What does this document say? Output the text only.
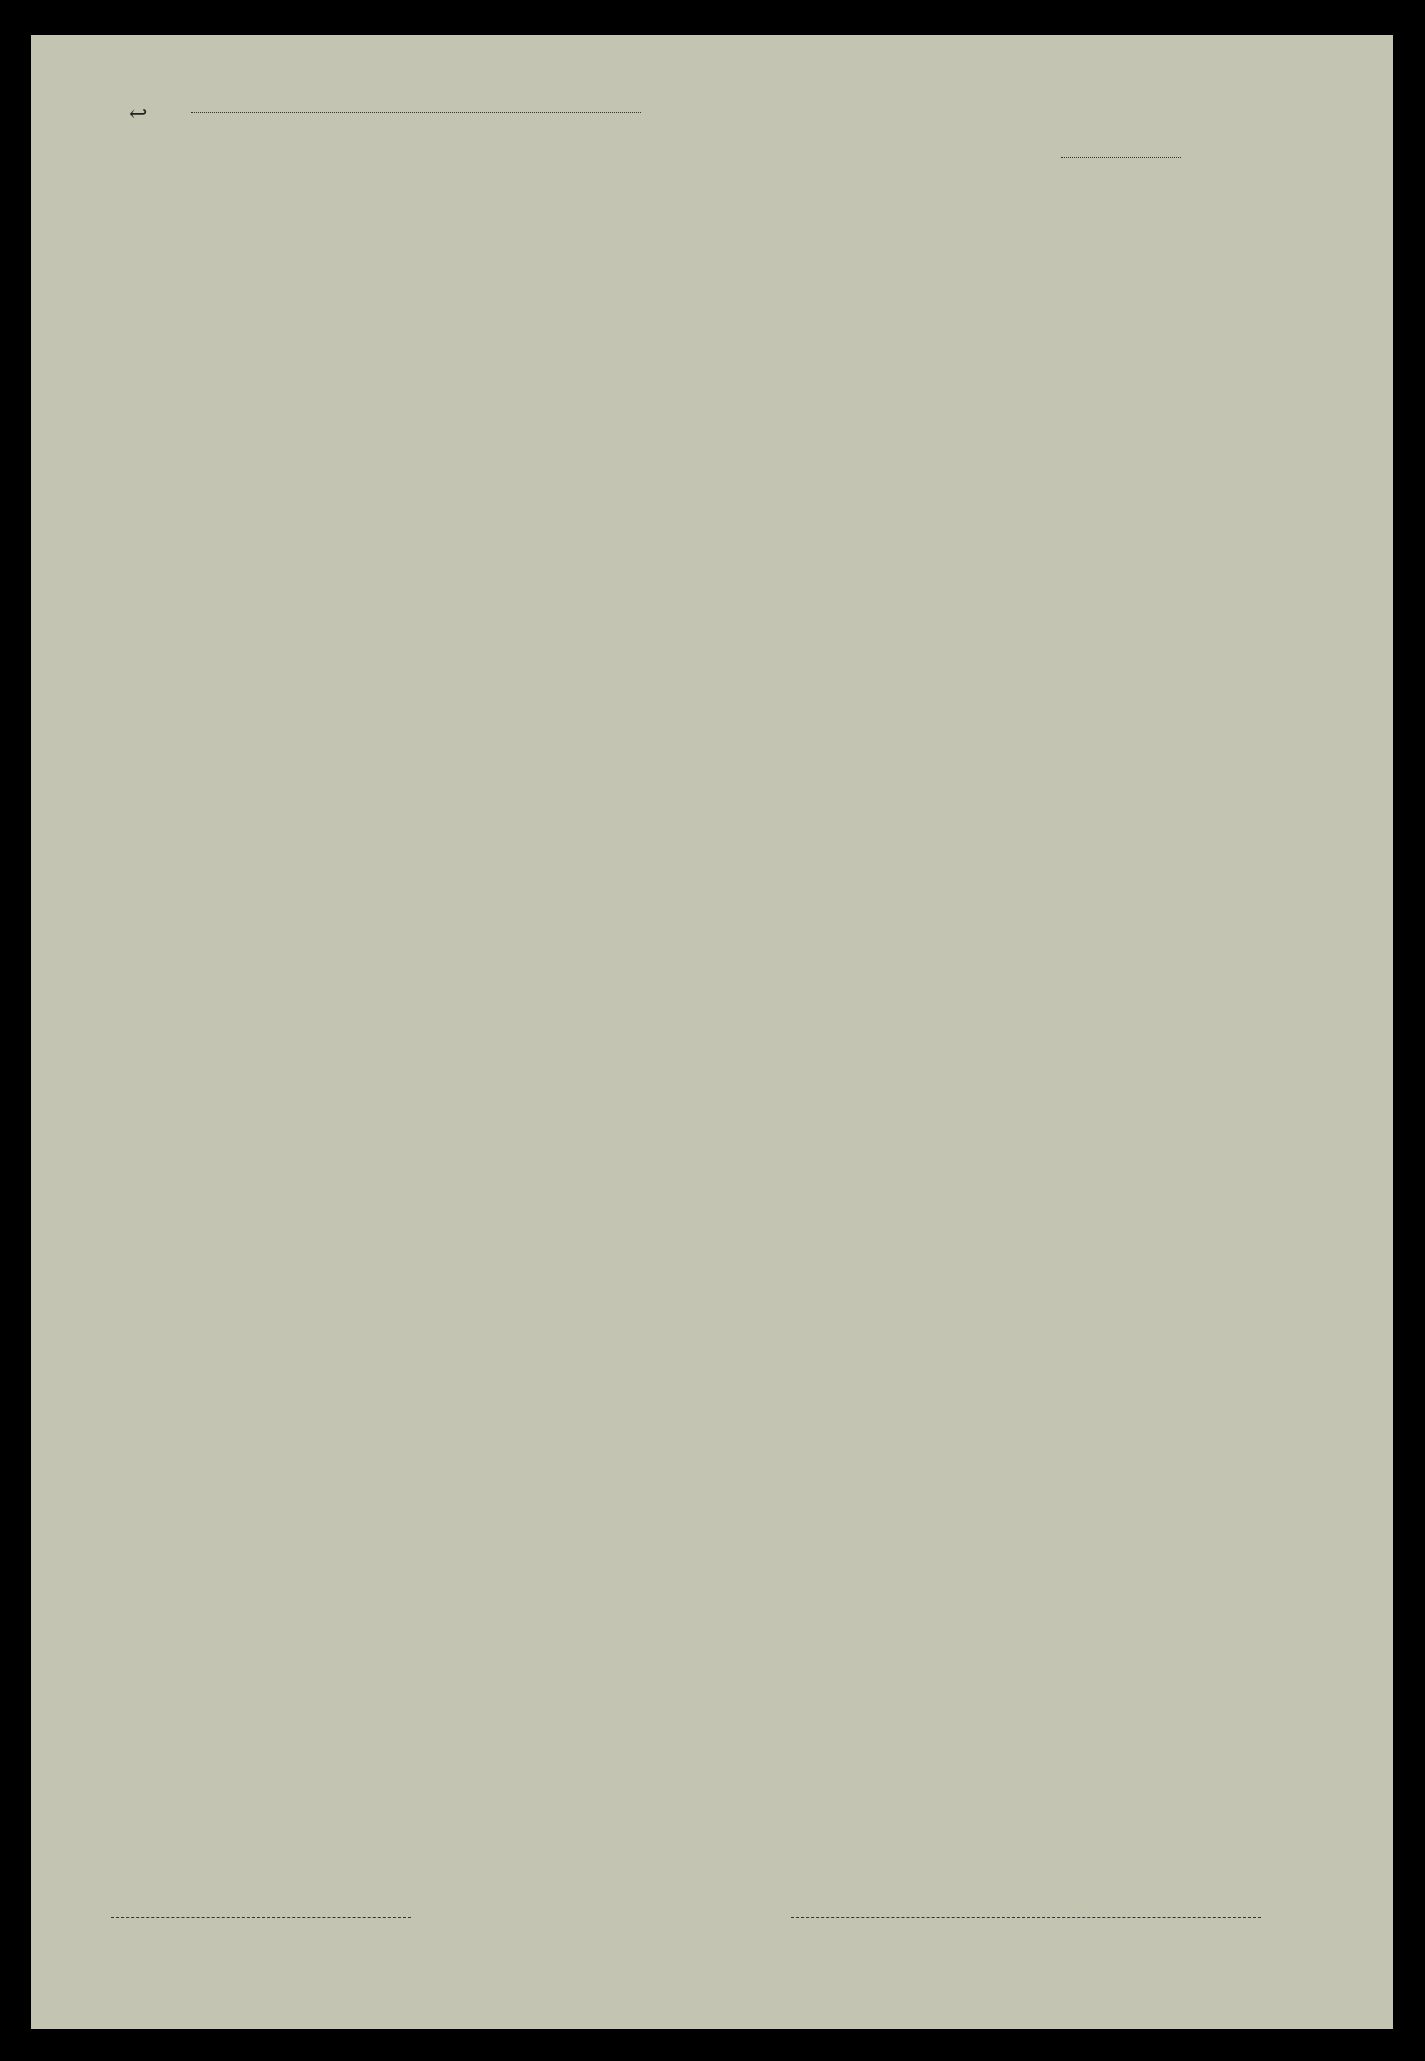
↩
